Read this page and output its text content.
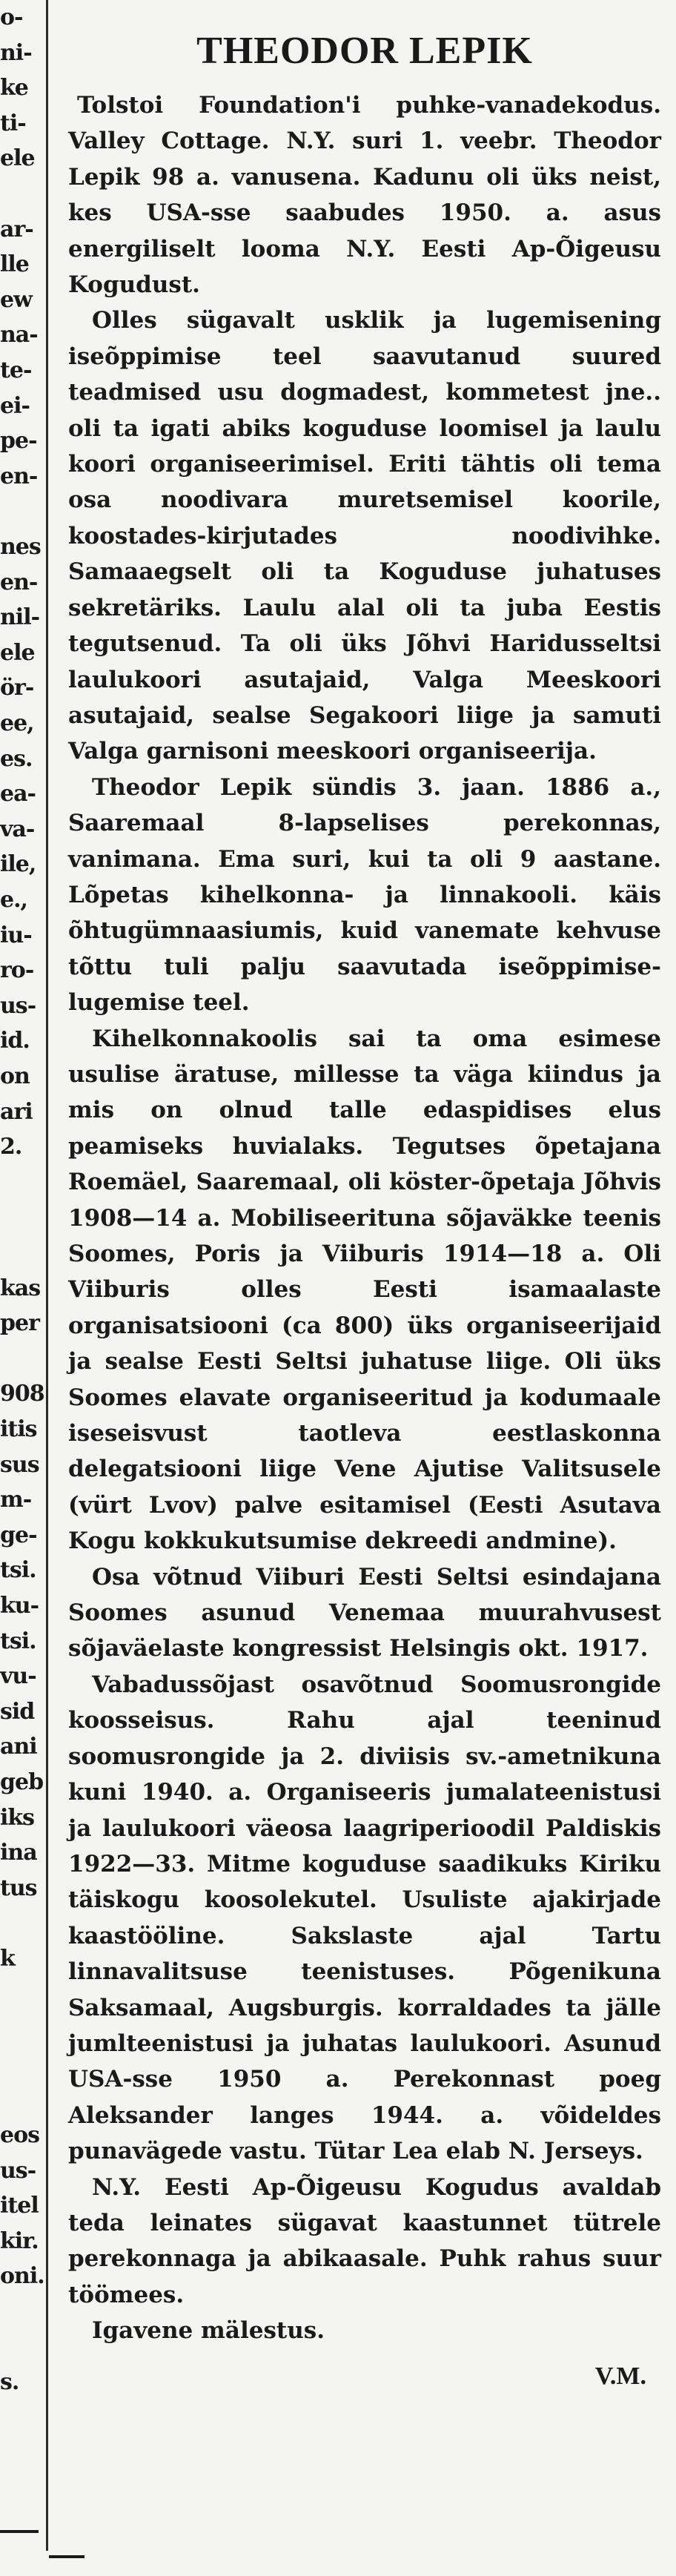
o-
ni-
ke
ti-
ele
ar-
lle
ew
na-
te-
ei-
pe-
en-
nes
en-
nil-
ele
ör-
ee,
es.
ea-
va-
ile,
e.,
iu-
ro-
us-
id.
on
ari
2.
kas
per
908
itis
sus
m-
ge-
tsi.
ku-
tsi.
vu-
sid
ani
geb
iks
ina
tus
k
eos
us-
itel
kir.
oni.
s.
THEODOR LEPIK

Tolstoi Foundation'i puhke-vanadekodus. Valley Cottage. N.Y. suri 1. veebr. Theodor Lepik 98 a. vanusena. Kadunu oli üks neist, kes USA-sse saabudes 1950. a. asus energiliselt looma N.Y. Eesti Ap-Õigeusu Kogudust.

Olles sügavalt usklik ja lugemisening iseõppimise teel saavutanud suured teadmised usu dogmadest, kommetest jne.. oli ta igati abiks koguduse loomisel ja laulu koori organiseerimisel. Eriti tähtis oli tema osa noodivara muretsemisel koorile, koostades-kirjutades noodivihke. Samaaegselt oli ta Koguduse juhatuses sekretäriks. Laulu alal oli ta juba Eestis tegutsenud. Ta oli üks Jõhvi Haridusseltsi laulukoori asutajaid, Valga Meeskoori asutajaid, sealse Segakoori liige ja samuti Valga garnisoni meeskoori organiseerija.

Theodor Lepik sündis 3. jaan. 1886 a., Saaremaal 8-lapselises perekonnas, vanimana. Ema suri, kui ta oli 9 aastane. Lõpetas kihelkonna- ja linnakooli. käis õhtugümnaasiumis, kuid vanemate kehvuse tõttu tuli palju saavutada iseõppimise-lugemise teel.

Kihelkonnakoolis sai ta oma esimese usulise äratuse, millesse ta väga kiindus ja mis on olnud talle edaspidises elus peamiseks huvialaks. Tegutses õpetajana Roemäel, Saaremaal, oli köster-õpetaja Jõhvis 1908—14 a. Mobiliseerituna sõjaväkke teenis Soomes, Poris ja Viiburis 1914—18 a. Oli Viiburis olles Eesti isamaalaste organisatsiooni (ca 800) üks organiseerijaid ja sealse Eesti Seltsi juhatuse liige. Oli üks Soomes elavate organiseeritud ja kodumaale iseseisvust taotleva eestlaskonna delegatsiooni liige Vene Ajutise Valitsusele (vürt Lvov) palve esitamisel (Eesti Asutava Kogu kokkukutsumise dekreedi andmine).

Osa võtnud Viiburi Eesti Seltsi esindajana Soomes asunud Venemaa muurahvusest sõjaväelaste kongressist Helsingis okt. 1917.

Vabadussõjast osavõtnud Soomusrongide koosseisus. Rahu ajal teeninud soomusrongide ja 2. diviisis sv.-ametnikuna kuni 1940. a. Organiseeris jumalateenistusi ja laulukoori väeosa laagriperioodil Paldiskis 1922—33. Mitme koguduse saadikuks Kiriku täiskogu koosolekutel. Usuliste ajakirjade kaastööline. Sakslaste ajal Tartu linnavalitsuse teenistuses. Põgenikuna Saksamaal, Augsburgis. korraldades ta jälle jumlteenistusi ja juhatas laulukoori. Asunud USA-sse 1950 a. Perekonnast poeg Aleksander langes 1944. a. võideldes punavägede vastu. Tütar Lea elab N. Jerseys.

N.Y. Eesti Ap-Õigeusu Kogudus avaldab teda leinates sügavat kaastunnet tütrele perekonnaga ja abikaasale. Puhk rahus suur töömees.

Igavene mälestus.

V.M.
